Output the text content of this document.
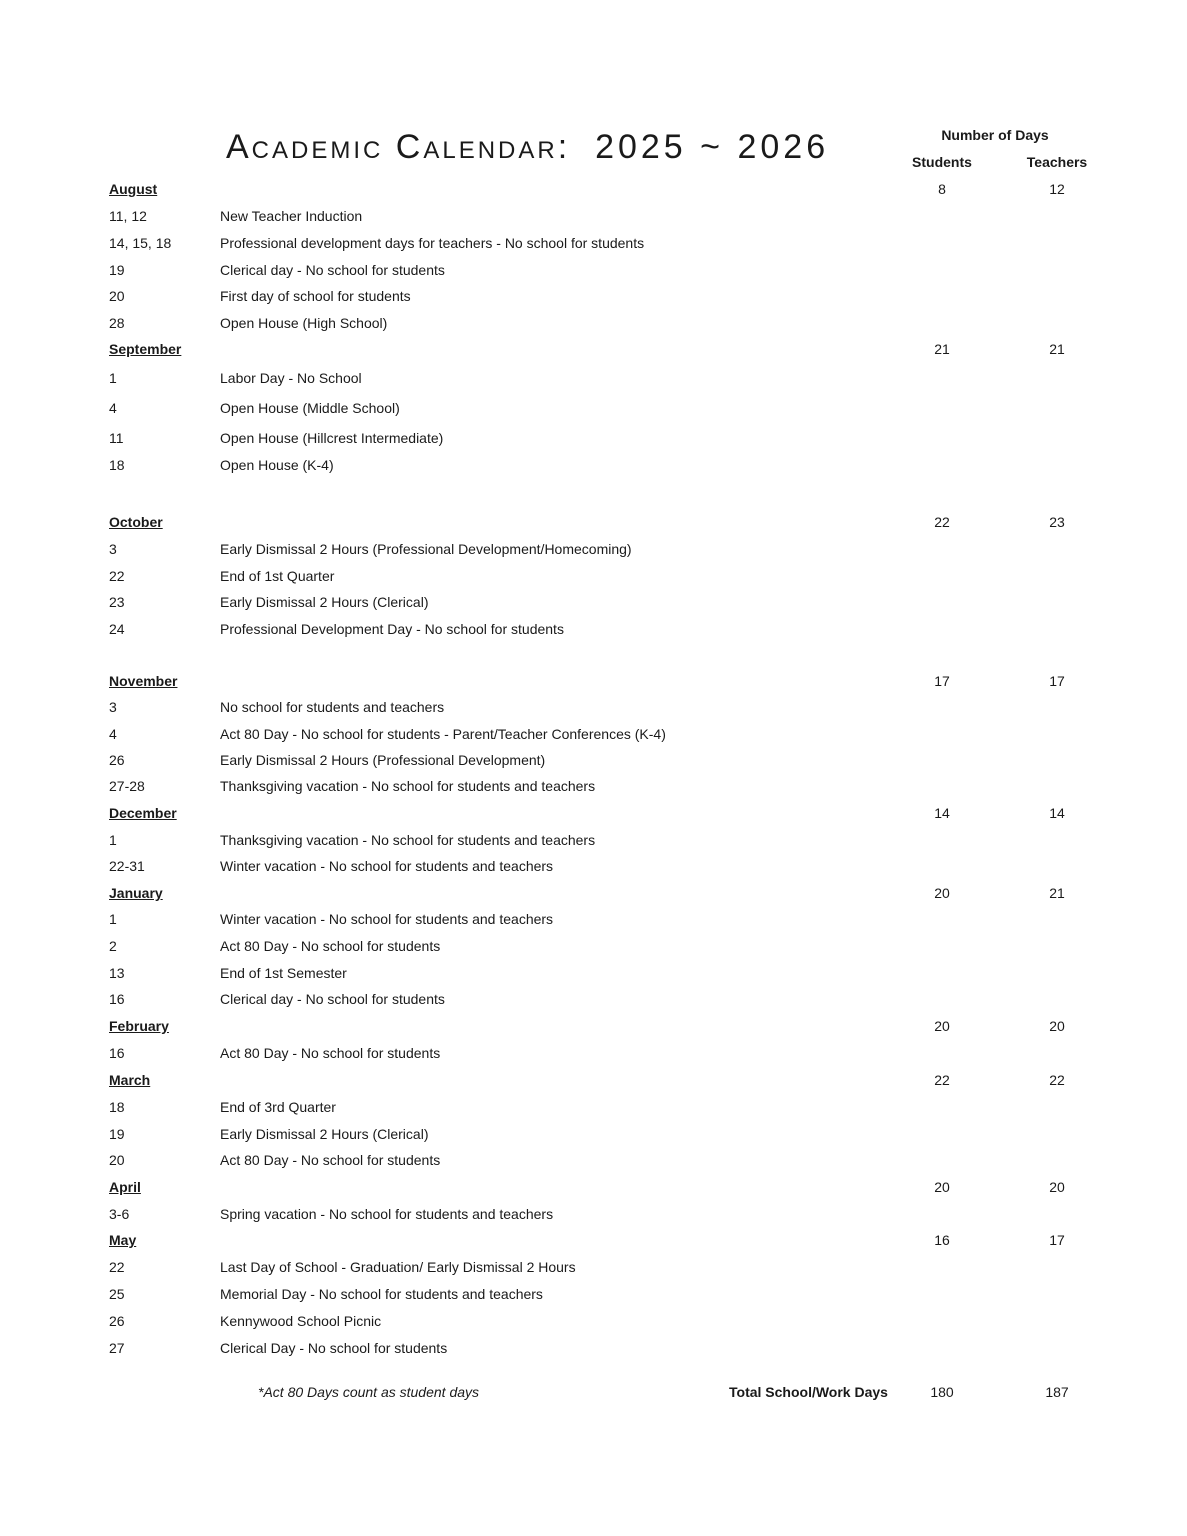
Academic Calendar: 2025 ~ 2026	Number of Days
Students	Teachers
August	8	12
11, 12	New Teacher Induction
14, 15, 18	Professional development days for teachers - No school for students
19	Clerical day - No school for students
20	First day of school for students
28	Open House (High School)
September	21	21
1	Labor Day - No School
4	Open House (Middle School)
11	Open House (Hillcrest Intermediate)
18	Open House (K-4)
October	22	23
3	Early Dismissal 2 Hours (Professional Development/Homecoming)
22	End of 1st Quarter
23	Early Dismissal 2 Hours (Clerical)
24	Professional Development Day - No school for students
November	17	17
3	No school for students and teachers
4	Act 80 Day - No school for students - Parent/Teacher Conferences (K-4)
26	Early Dismissal 2 Hours (Professional Development)
27-28	Thanksgiving vacation - No school for students and teachers
December	14	14
1	Thanksgiving vacation - No school for students and teachers
22-31	Winter vacation - No school for students and teachers
January	20	21
1	Winter vacation - No school for students and teachers
2	Act 80 Day - No school for students
13	End of 1st Semester
16	Clerical day - No school for students
February	20	20
16	Act 80 Day - No school for students
March	22	22
18	End of 3rd Quarter
19	Early Dismissal 2 Hours (Clerical)
20	Act 80 Day - No school for students
April	20	20
3-6	Spring vacation - No school for students and teachers
May	16	17
22	Last Day of School - Graduation/ Early Dismissal 2 Hours
25	Memorial Day - No school for students and teachers
26	Kennywood School Picnic
27	Clerical Day - No school for students
*Act 80 Days count as student days	Total School/Work Days	180	187
